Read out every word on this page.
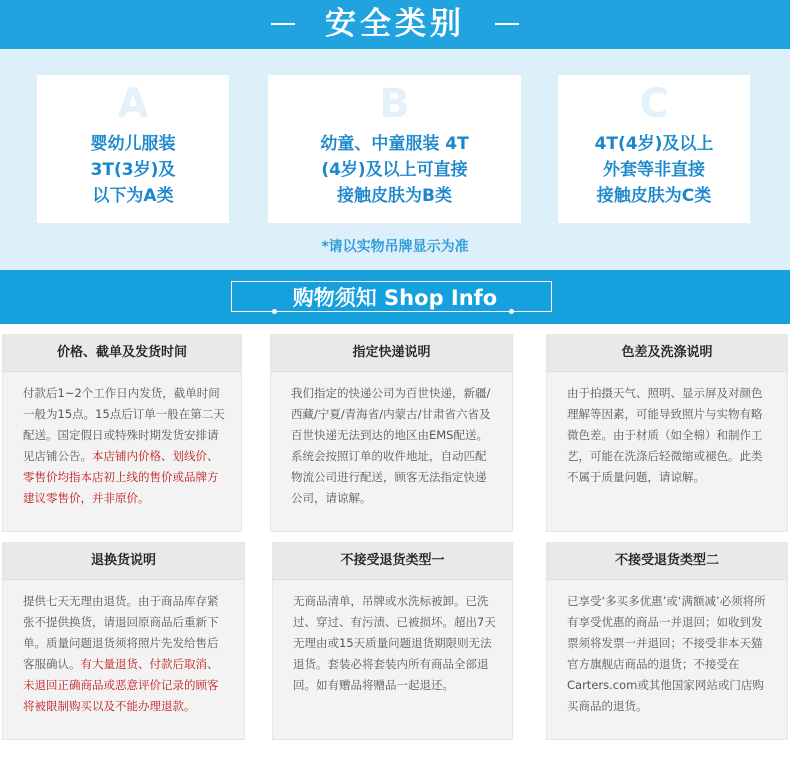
安全类别
A
婴幼儿服装
3T(3岁)及
以下为A类
B
幼童、中童服装 4T
(4岁)及以上可直接
接触皮肤为B类
C
4T(4岁)及以上
外套等非直接
接触皮肤为C类
*请以实物吊牌显示为准
购物须知 Shop Info
价格、截单及发货时间
付款后1~2个工作日内发货，截单时间一般为15点。15点后订单一般在第二天配送。国定假日或特殊时期发货安排请见店铺公告。本店铺内价格、划线价、零售价均指本店初上线的售价或品牌方建议零售价，并非原价。
指定快递说明
我们指定的快递公司为百世快递，新疆/西藏/宁夏/青海省/内蒙古/甘肃省六省及百世快递无法到达的地区由EMS配送。系统会按照订单的收件地址，自动匹配物流公司进行配送，顾客无法指定快递公司，请谅解。
色差及洗涤说明
由于拍摄天气、照明、显示屏及对颜色理解等因素，可能导致照片与实物有略微色差。由于材质（如全棉）和制作工艺，可能在洗涤后轻微缩或褪色。此类不属于质量问题，请谅解。
退换货说明
提供七天无理由退货。由于商品库存紧张不提供换货，请退回原商品后重新下单。质量问题退货须将照片先发给售后客服确认。有大量退货、付款后取消、未退回正确商品或恶意评价记录的顾客将被限制购买以及不能办理退款。
不接受退货类型一
无商品清单，吊牌或水洗标被卸。已洗过、穿过、有污渍、已被损坏。超出7天无理由或15天质量问题退货期限则无法退货。套装必将套装内所有商品全部退回。如有赠品将赠品一起退还。
不接受退货类型二
已享受‘多买多优惠’或‘满额减’必须将所有享受优惠的商品一并退回；如收到发票须将发票一并退回；不接受非本天猫官方旗舰店商品的退货；不接受在Carters.com或其他国家网站或门店购买商品的退货。
